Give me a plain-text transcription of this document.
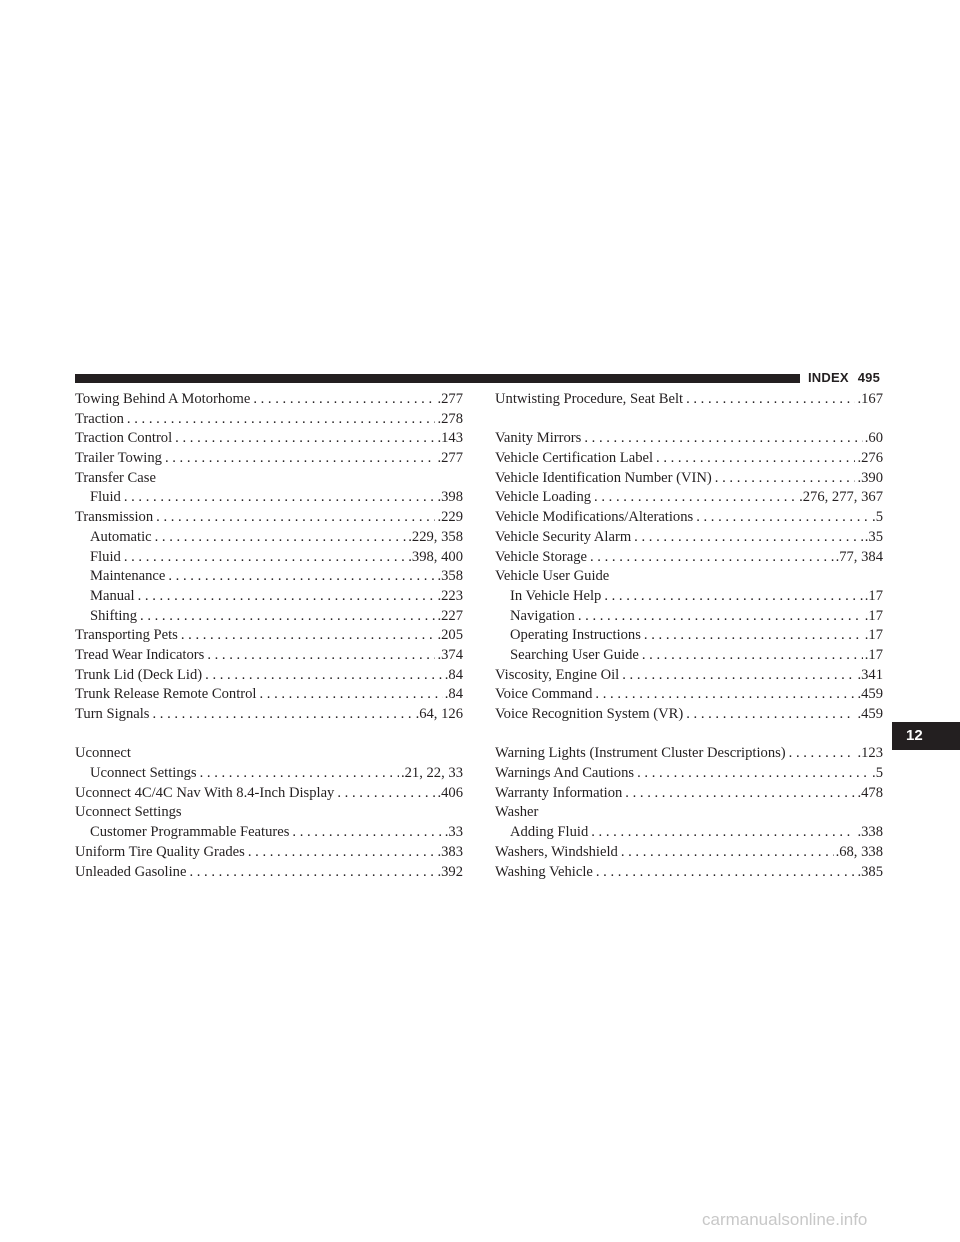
INDEX 495
Towing Behind A Motorhome . . .	.277
Traction . . .	.278
Traction Control . . .	.143
Trailer Towing . . .	.277
Transfer Case
Fluid . . .	.398
Transmission . . .	.229
Automatic . . .	.229, 358
Fluid . . .	.398, 400
Maintenance . . .	.358
Manual . . .	.223
Shifting . . .	.227
Transporting Pets . . .	.205
Tread Wear Indicators . . .	.374
Trunk Lid (Deck Lid) . . .	.84
Trunk Release Remote Control . . .	.84
Turn Signals . . .	.64, 126
Uconnect
Uconnect Settings . . .	.21, 22, 33
Uconnect 4C/4C Nav With 8.4-Inch Display . . .	.406
Uconnect Settings
Customer Programmable Features . . .	.33
Uniform Tire Quality Grades . . .	.383
Unleaded Gasoline . . .	.392
Untwisting Procedure, Seat Belt . . .	.167
Vanity Mirrors . . .	.60
Vehicle Certification Label . . .	.276
Vehicle Identification Number (VIN) . . .	.390
Vehicle Loading . . .	.276, 277, 367
Vehicle Modifications/Alterations . . .	.5
Vehicle Security Alarm . . .	.35
Vehicle Storage . . .	.77, 384
Vehicle User Guide
In Vehicle Help . . .	.17
Navigation . . .	.17
Operating Instructions . . .	.17
Searching User Guide . . .	.17
Viscosity, Engine Oil . . .	.341
Voice Command . . .	.459
Voice Recognition System (VR) . . .	.459
Warning Lights (Instrument Cluster Descriptions) . . .	.123
Warnings And Cautions . . .	.5
Warranty Information . . .	.478
Washer
Adding Fluid . . .	.338
Washers, Windshield . . .	.68, 338
Washing Vehicle . . .	.385
12
carmanualsonline.info
